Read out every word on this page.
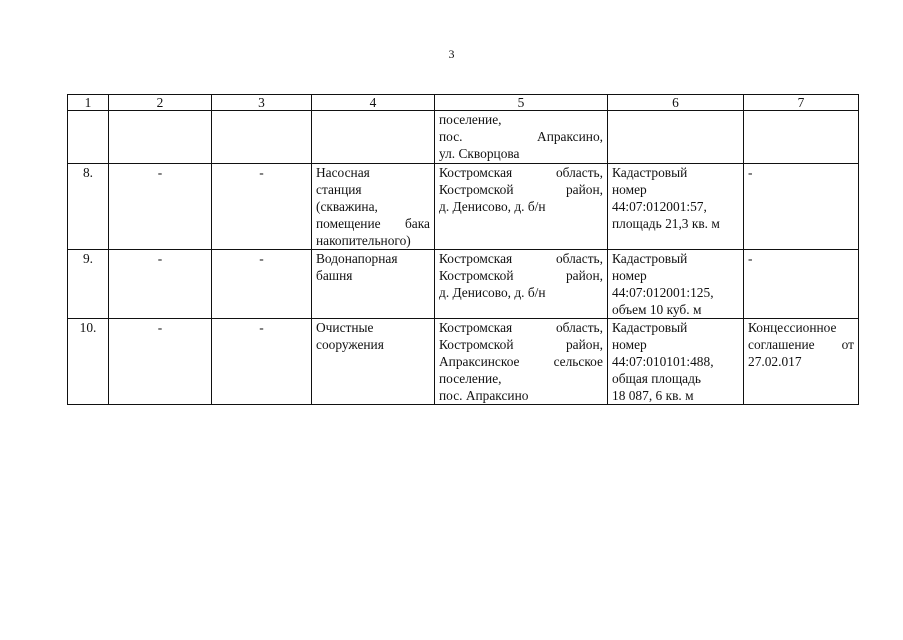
3
1	2	3	4	5	6	7

				поселение,
пос. Апраксино,
ул. Скворцова		

8.	-	-	Насосная
станция
(скважина,
помещение бака
накопительного)	Костромская область,
Костромской район,
д. Денисово, д. б/н	Кадастровый
номер
44:07:012001:57,
площадь 21,3 кв. м	-
9.	-	-	Водонапорная
башня	Костромская область,
Костромской район,
д. Денисово, д. б/н	Кадастровый
номер
44:07:012001:125,
объем 10 куб. м	-
10.	-	-	Очистные
сооружения	Костромская область,
Костромской район,
Апраксинское сельское
поселение,
пос. Апраксино	Кадастровый
номер
44:07:010101:488,
общая площадь
18 087, 6 кв. м	Концессионное
соглашение от
27.02.017
